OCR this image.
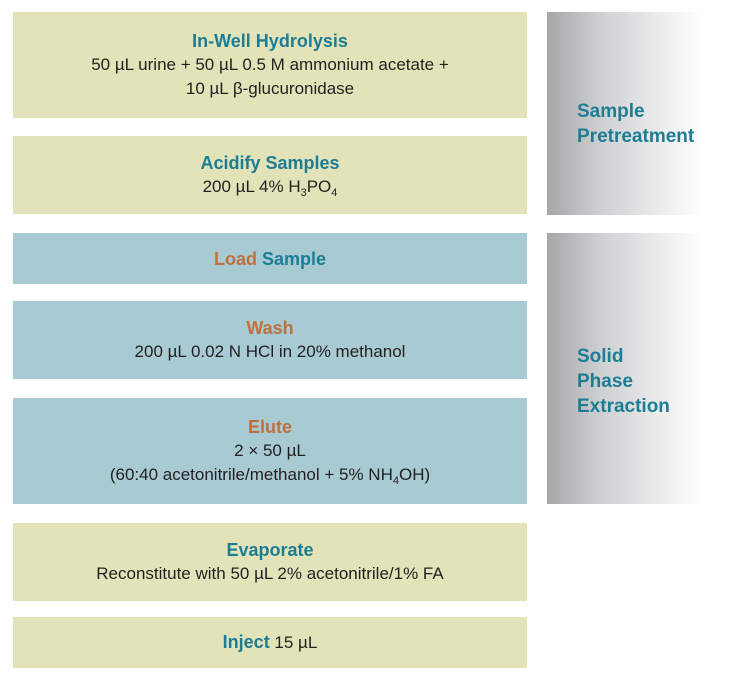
In-Well Hydrolysis
50 µL urine + 50 µL 0.5 M ammonium acetate +
10 µL β-glucuronidase
Acidify Samples
200 µL 4% $H_3PO_4$
Load Sample
Wash
200 µL 0.02 N HCl in 20% methanol
Elute
2 × 50 µL
(60:40 acetonitrile/methanol + 5% $NH_4OH$)
Evaporate
Reconstitute with 50 µL 2% acetonitrile/1% FA
Inject 15 µL
Sample
Pretreatment
Solid
Phase
Extraction
